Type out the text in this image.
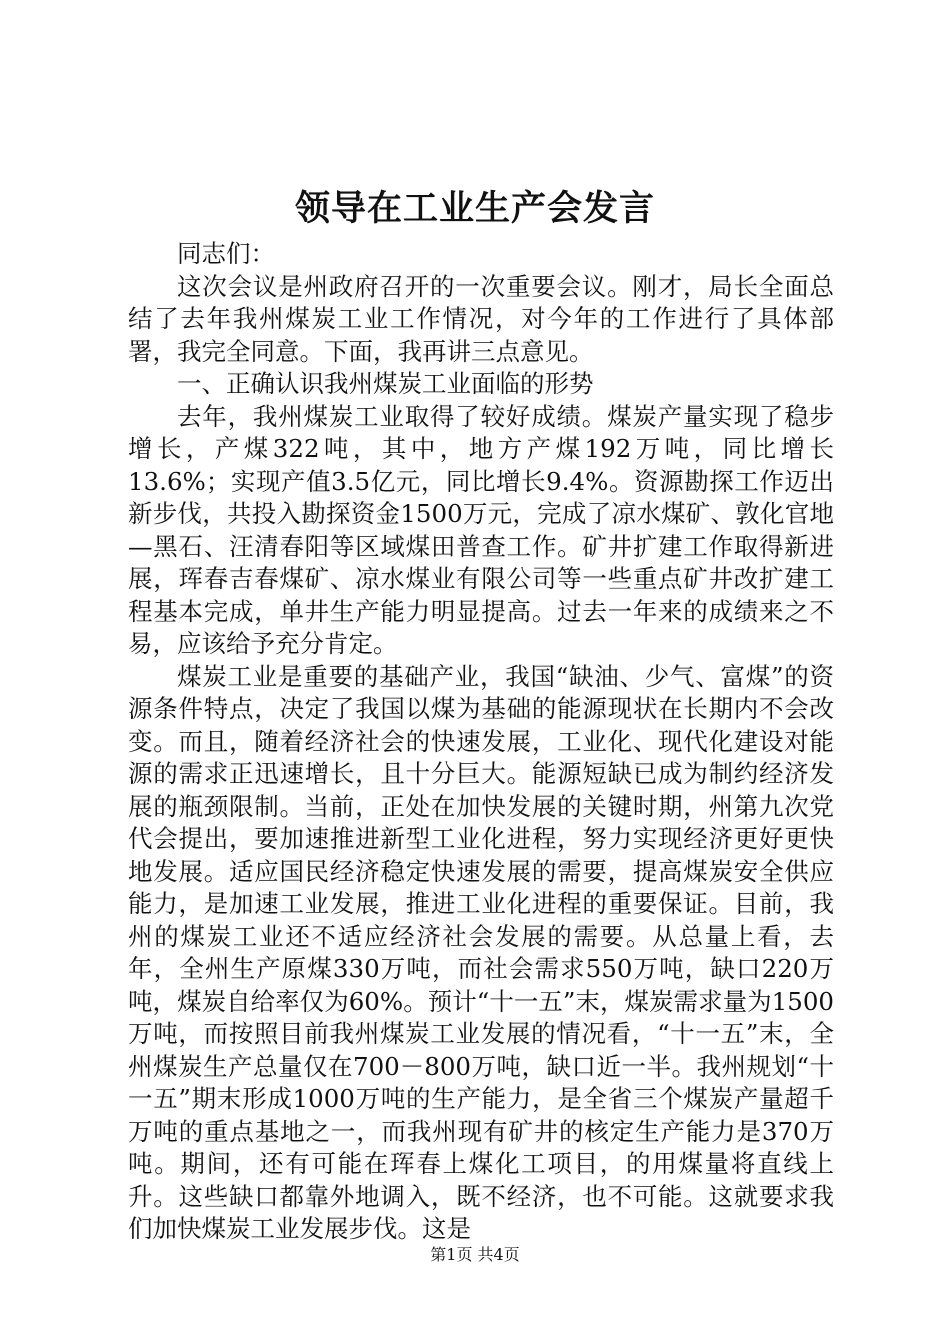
领导在工业生产会发言

同志们：

这次会议是州政府召开的一次重要会议。刚才，局长全面总结了去年我州煤炭工业工作情况，对今年的工作进行了具体部署，我完全同意。下面，我再讲三点意见。

一、正确认识我州煤炭工业面临的形势

去年，我州煤炭工业取得了较好成绩。煤炭产量实现了稳步增长，产煤322吨，其中，地方产煤192万吨，同比增长13.6%；实现产值3.5亿元，同比增长9.4%。资源勘探工作迈出新步伐，共投入勘探资金1500万元，完成了凉水煤矿、敦化官地—黑石、汪清春阳等区域煤田普查工作。矿井扩建工作取得新进展，珲春吉春煤矿、凉水煤业有限公司等一些重点矿井改扩建工程基本完成，单井生产能力明显提高。过去一年来的成绩来之不易，应该给予充分肯定。

煤炭工业是重要的基础产业，我国“缺油、少气、富煤”的资源条件特点，决定了我国以煤为基础的能源现状在长期内不会改变。而且，随着经济社会的快速发展，工业化、现代化建设对能源的需求正迅速增长，且十分巨大。能源短缺已成为制约经济发展的瓶颈限制。当前，正处在加快发展的关键时期，州第九次党代会提出，要加速推进新型工业化进程，努力实现经济更好更快地发展。适应国民经济稳定快速发展的需要，提高煤炭安全供应能力，是加速工业发展，推进工业化进程的重要保证。目前，我州的煤炭工业还不适应经济社会发展的需要。从总量上看，去年，全州生产原煤330万吨，而社会需求550万吨，缺口220万吨，煤炭自给率仅为60%。预计“十一五”末，煤炭需求量为1500万吨，而按照目前我州煤炭工业发展的情况看，“十一五”末，全州煤炭生产总量仅在700－800万吨，缺口近一半。我州规划“十一五”期末形成1000万吨的生产能力，是全省三个煤炭产量超千万吨的重点基地之一，而我州现有矿井的核定生产能力是370万吨。期间，还有可能在珲春上煤化工项目，的用煤量将直线上升。这些缺口都靠外地调入，既不经济，也不可能。这就要求我们加快煤炭工业发展步伐。这是

第1页 共4页
